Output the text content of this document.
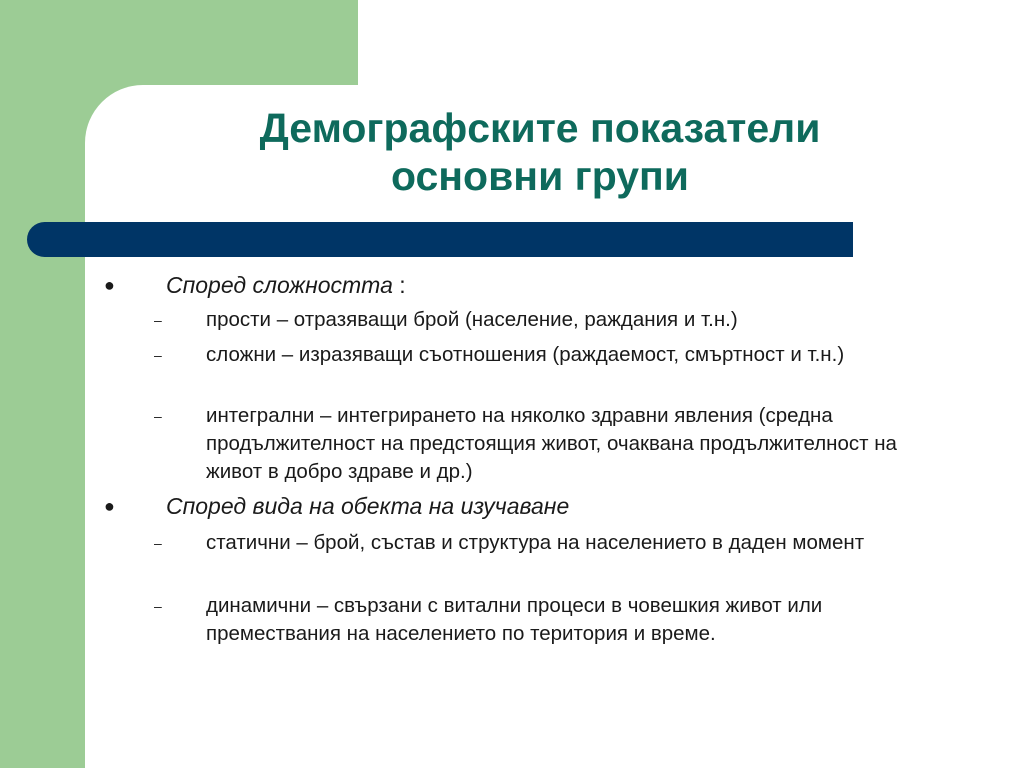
Демографските показатели
основни групи
●	Според сложността :
– прости – отразяващи брой (население, раждания и т.н.)
– сложни – изразяващи съотношения (раждаемост, смъртност и т.н.)
– интегрални – интегрирането на няколко здравни явления (средна продължителност на предстоящия живот, очаквана продължителност на живот в добро здраве и др.)
●	Според вида на обекта на изучаване
– статични – брой, състав и структура на населението в даден момент
– динамични – свързани с витални процеси в човешкия живот или премествания на населението по територия и време.
